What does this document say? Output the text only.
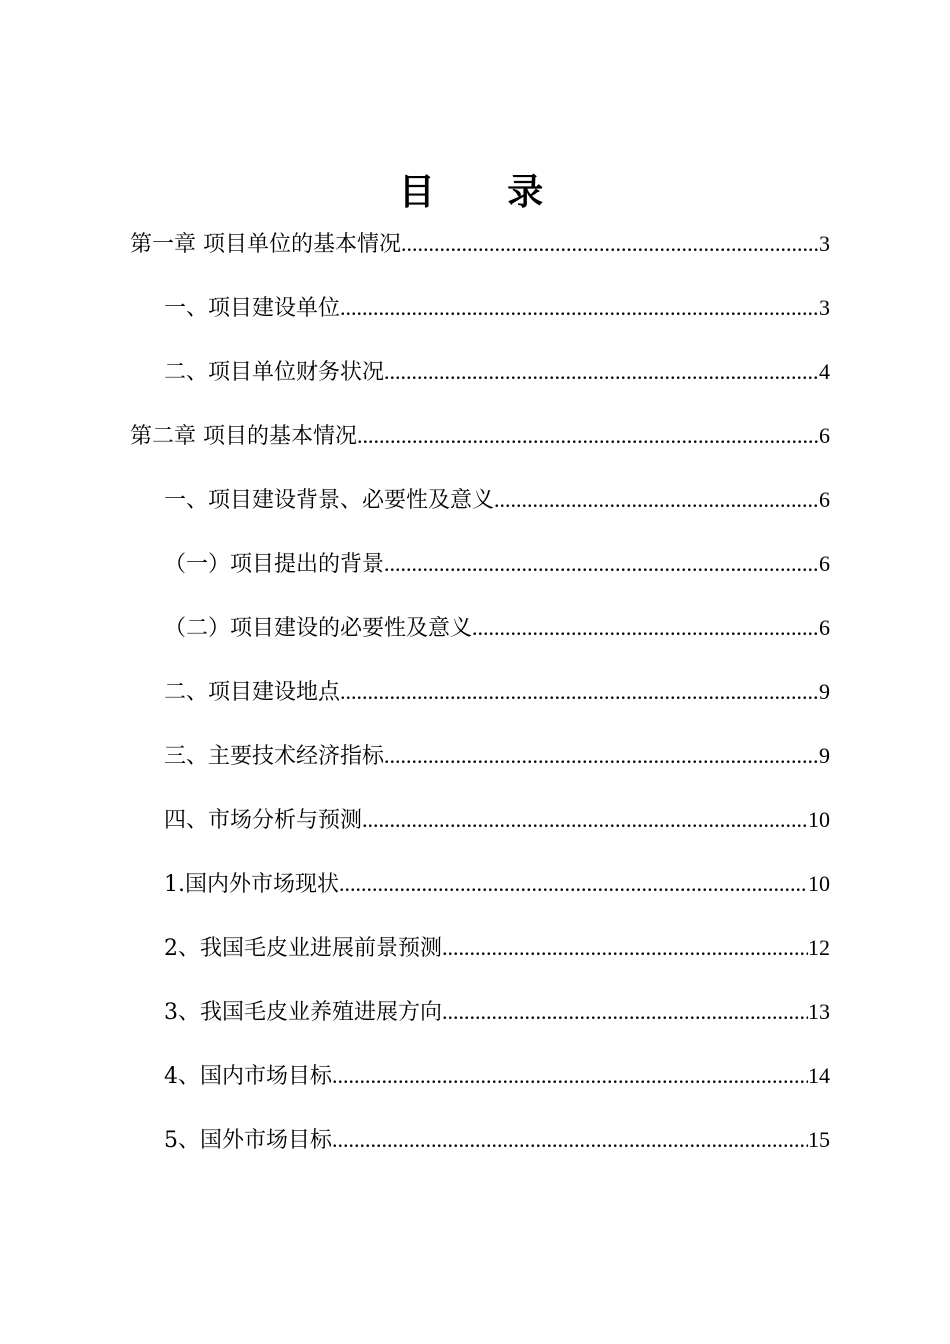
目 录
第一章 项目单位的基本情况 .....	3
一、项目建设单位 .....	3
二、项目单位财务状况 .....	4
第二章 项目的基本情况 .....	6
一、项目建设背景、必要性及意义 .....	6
（一）项目提出的背景 .....	6
（二）项目建设的必要性及意义 .....	6
二、项目建设地点 .....	9
三、主要技术经济指标 .....	9
四、市场分析与预测 .....	10
1.国内外市场现状 .....	10
2、我国毛皮业进展前景预测 .....	12
3、我国毛皮业养殖进展方向 .....	13
4、国内市场目标 .....	14
5、国外市场目标 .....	15
